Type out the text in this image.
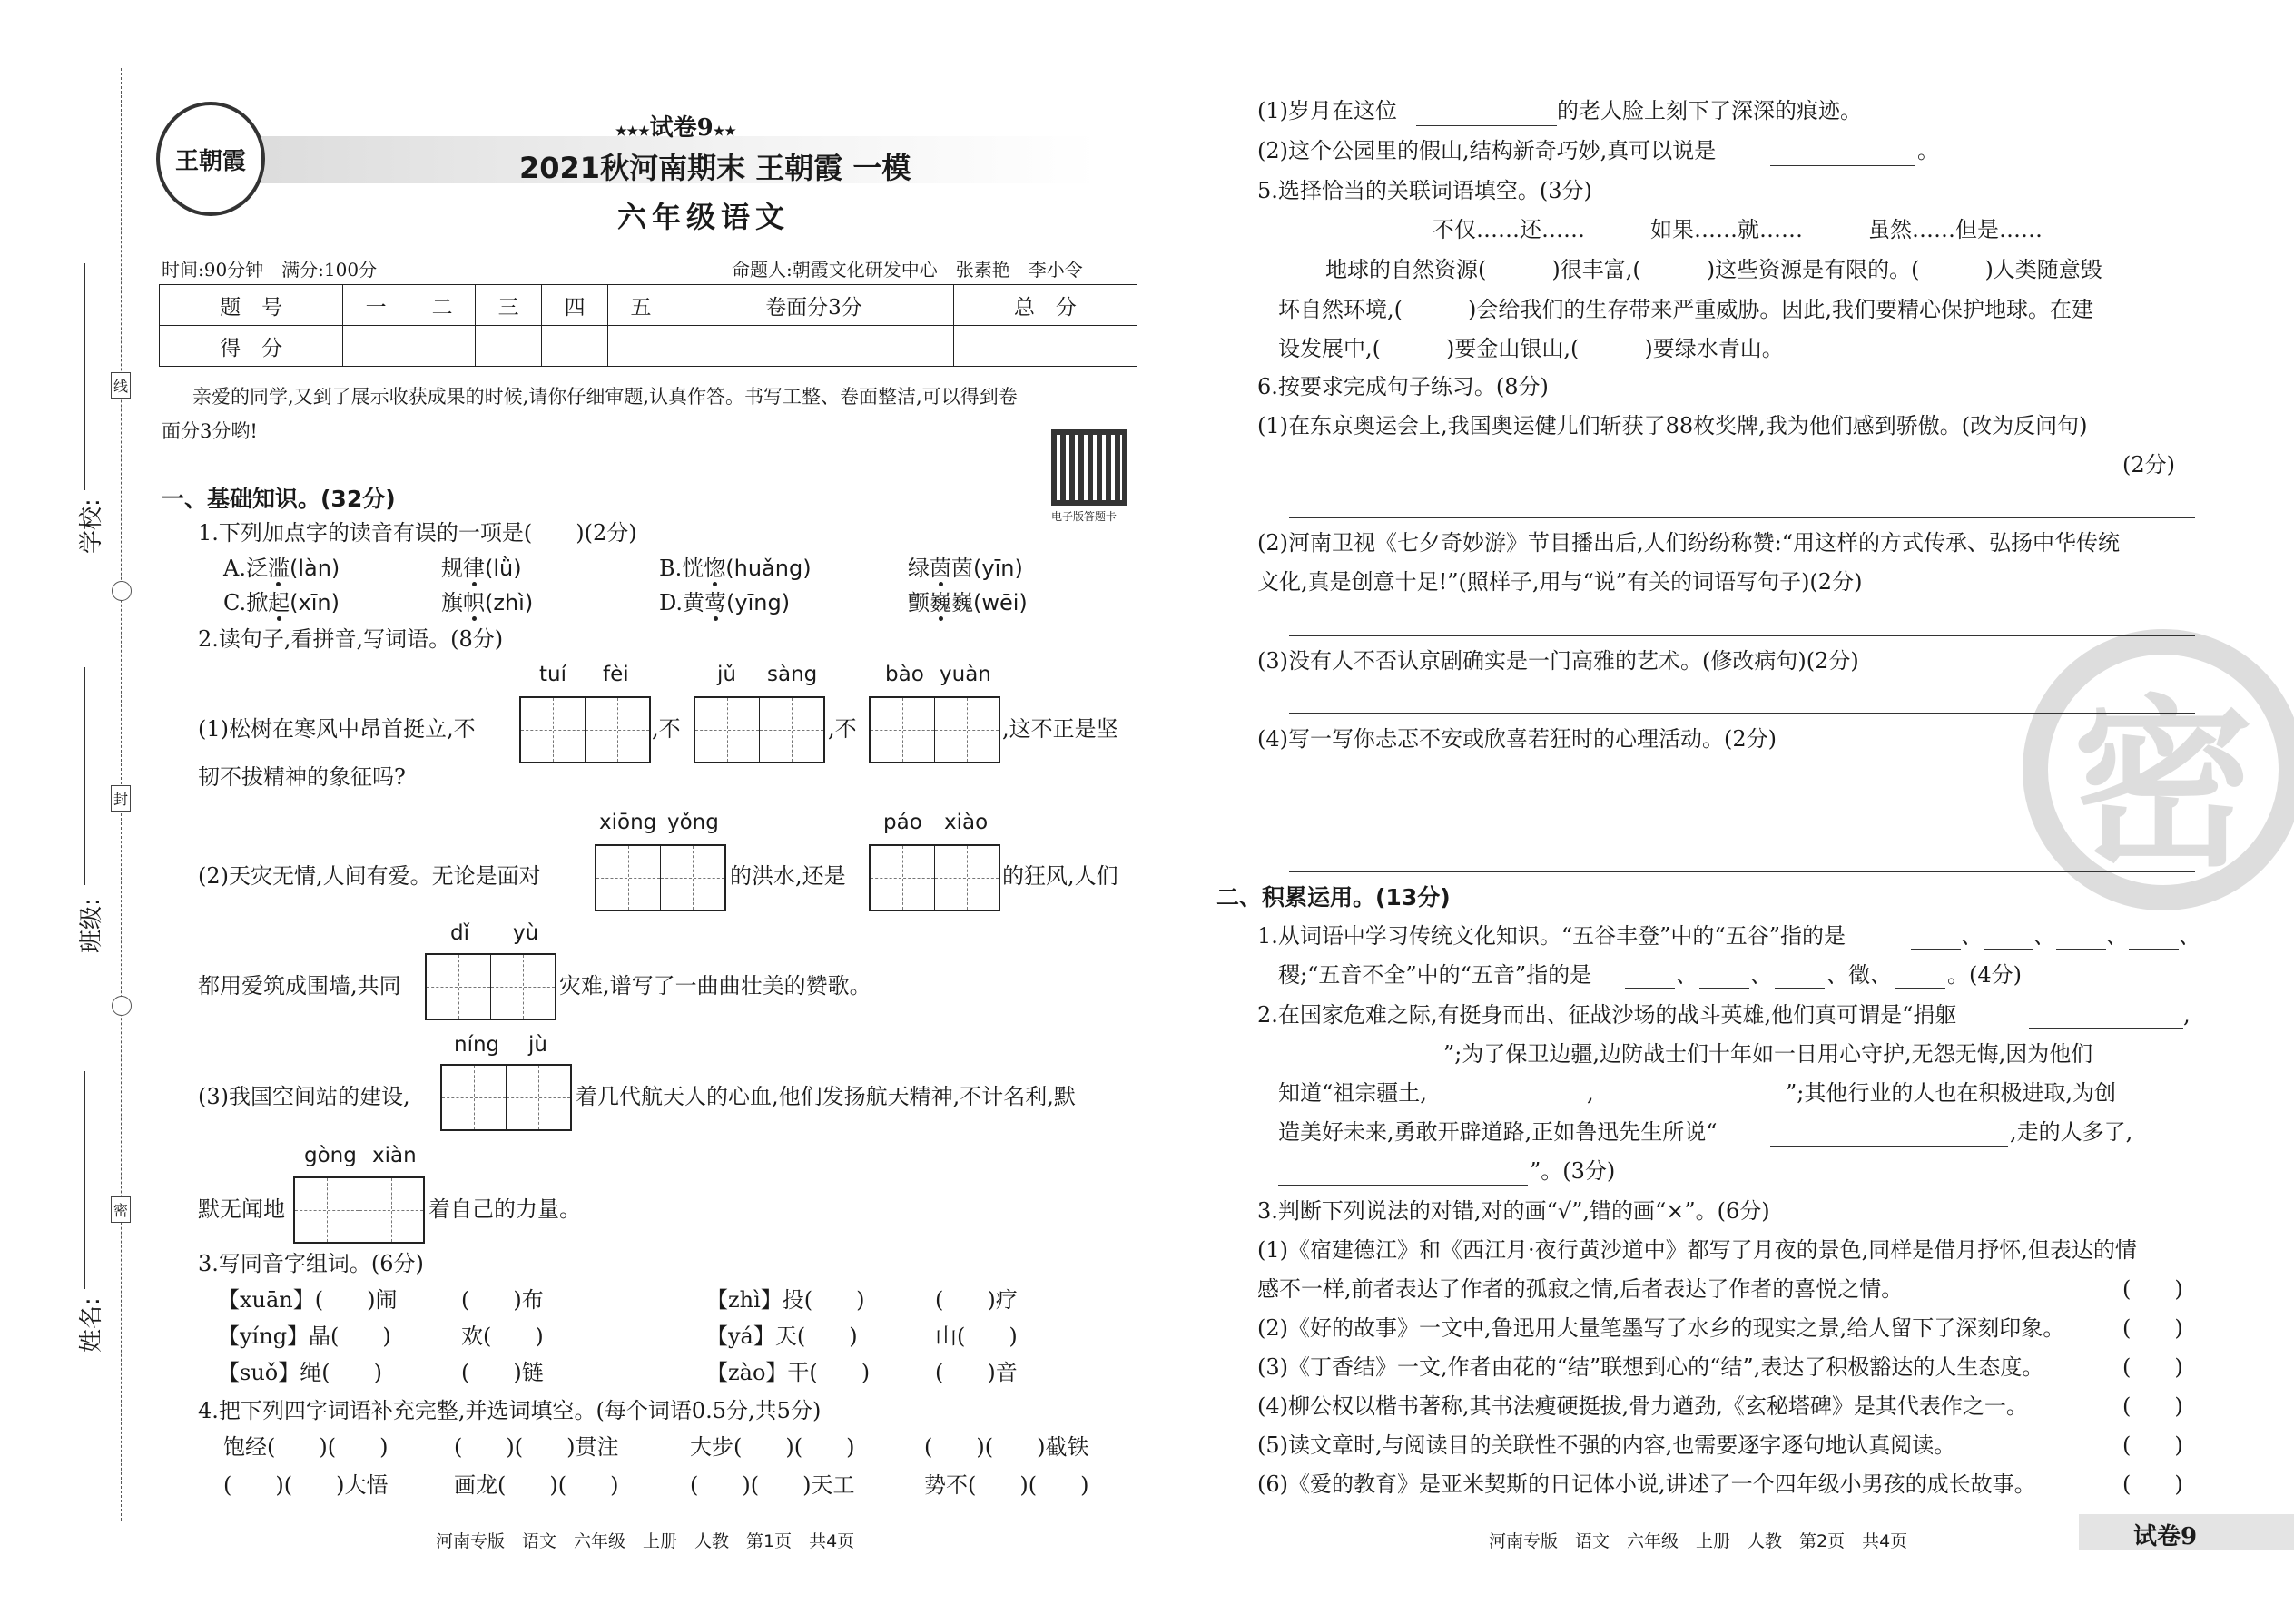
王朝霞
★★★试卷9★★
2021秋河南期末 王朝霞 一模
六年级语文
时间:90分钟　满分:100分	命题人:朝霞文化研发中心　张素艳　李小令
题　号	一	二	三	四	五	卷面分3分	总　分
得　分							
亲爱的同学,又到了展示收获成果的时候,请你仔细审题,认真作答。书写工整、卷面整洁,可以得到卷
面分3分哟!
电子版答题卡
线
封
密
学校:
班级:
姓名:
一、基础知识。(32分)
1.下列加点字的读音有误的一项是(　　)(2分)
A.泛滥(làn)	规律(lǜ)	B.恍惚(huǎng)	绿茵茵(yīn)
C.掀起(xīn)	旗帜(zhì)	D.黄莺(yīng)	颤巍巍(wēi)
2.读句子,看拼音,写词语。(8分)
tuí fèi	jǔ sàng	bào yuàn
(1)松树在寒风中昂首挺立,不	,不	,不	,这不正是坚
韧不拔精神的象征吗?
xiōng yǒng	páo xiào
(2)天灾无情,人间有爱。无论是面对	的洪水,还是	的狂风,人们
dǐ yù
都用爱筑成围墙,共同	灾难,谱写了一曲曲壮美的赞歌。
níng jù
(3)我国空间站的建设,	着几代航天人的心血,他们发扬航天精神,不计名利,默
gòng xiàn
默无闻地	着自己的力量。
3.写同音字组词。(6分)
【xuān】(　　)闹	(　　)布	【zhì】投(　　)	(　　)疗
【yíng】晶(　　)	欢(　　)	【yá】天(　　)	山(　　)
【suǒ】绳(　　)	(　　)链	【zào】干(　　)	(　　)音
4.把下列四字词语补充完整,并选词填空。(每个词语0.5分,共5分)
饱经(　　)(　　)	(　　)(　　)贯注	大步(　　)(　　)	(　　)(　　)截铁
(　　)(　　)大悟	画龙(　　)(　　)	(　　)(　　)天工	势不(　　)(　　)
密
(1)岁月在这位	的老人脸上刻下了深深的痕迹。
(2)这个公园里的假山,结构新奇巧妙,真可以说是	。
5.选择恰当的关联词语填空。(3分)
不仅……还……　　　如果……就……　　　虽然……但是……
地球的自然资源(　　　)很丰富,(　　　)这些资源是有限的。(　　　)人类随意毁
坏自然环境,(　　　)会给我们的生存带来严重威胁。因此,我们要精心保护地球。在建
设发展中,(　　　)要金山银山,(　　　)要绿水青山。
6.按要求完成句子练习。(8分)
(1)在东京奥运会上,我国奥运健儿们斩获了88枚奖牌,我为他们感到骄傲。(改为反问句)
(2分)
(2)河南卫视《七夕奇妙游》节目播出后,人们纷纷称赞:“用这样的方式传承、弘扬中华传统
文化,真是创意十足!”(照样子,用与“说”有关的词语写句子)(2分)
(3)没有人不否认京剧确实是一门高雅的艺术。(修改病句)(2分)
(4)写一写你忐忑不安或欣喜若狂时的心理活动。(2分)
二、积累运用。(13分)
1.从词语中学习传统文化知识。“五谷丰登”中的“五谷”指的是	、 、 、 、
稷;“五音不全”中的“五音”指的是	、 、	、徵、	。(4分)
2.在国家危难之际,有挺身而出、征战沙场的战斗英雄,他们真可谓是“捐躯	,
”;为了保卫边疆,边防战士们十年如一日用心守护,无怨无悔,因为他们
知道“祖宗疆土,	,	”;其他行业的人也在积极进取,为创
造美好未来,勇敢开辟道路,正如鲁迅先生所说“	,走的人多了,
”。(3分)
3.判断下列说法的对错,对的画“√”,错的画“×”。(6分)
(1)《宿建德江》和《西江月·夜行黄沙道中》都写了月夜的景色,同样是借月抒怀,但表达的情
感不一样,前者表达了作者的孤寂之情,后者表达了作者的喜悦之情。	(　　)
(2)《好的故事》一文中,鲁迅用大量笔墨写了水乡的现实之景,给人留下了深刻印象。	(　　)
(3)《丁香结》一文,作者由花的“结”联想到心的“结”,表达了积极豁达的人生态度。	(　　)
(4)柳公权以楷书著称,其书法瘦硬挺拔,骨力遒劲,《玄秘塔碑》是其代表作之一。	(　　)
(5)读文章时,与阅读目的关联性不强的内容,也需要逐字逐句地认真阅读。	(　　)
(6)《爱的教育》是亚米契斯的日记体小说,讲述了一个四年级小男孩的成长故事。	(　　)
河南专版　语文　六年级　上册　人教　第1页　共4页	河南专版　语文　六年级　上册　人教　第2页　共4页	试卷9
